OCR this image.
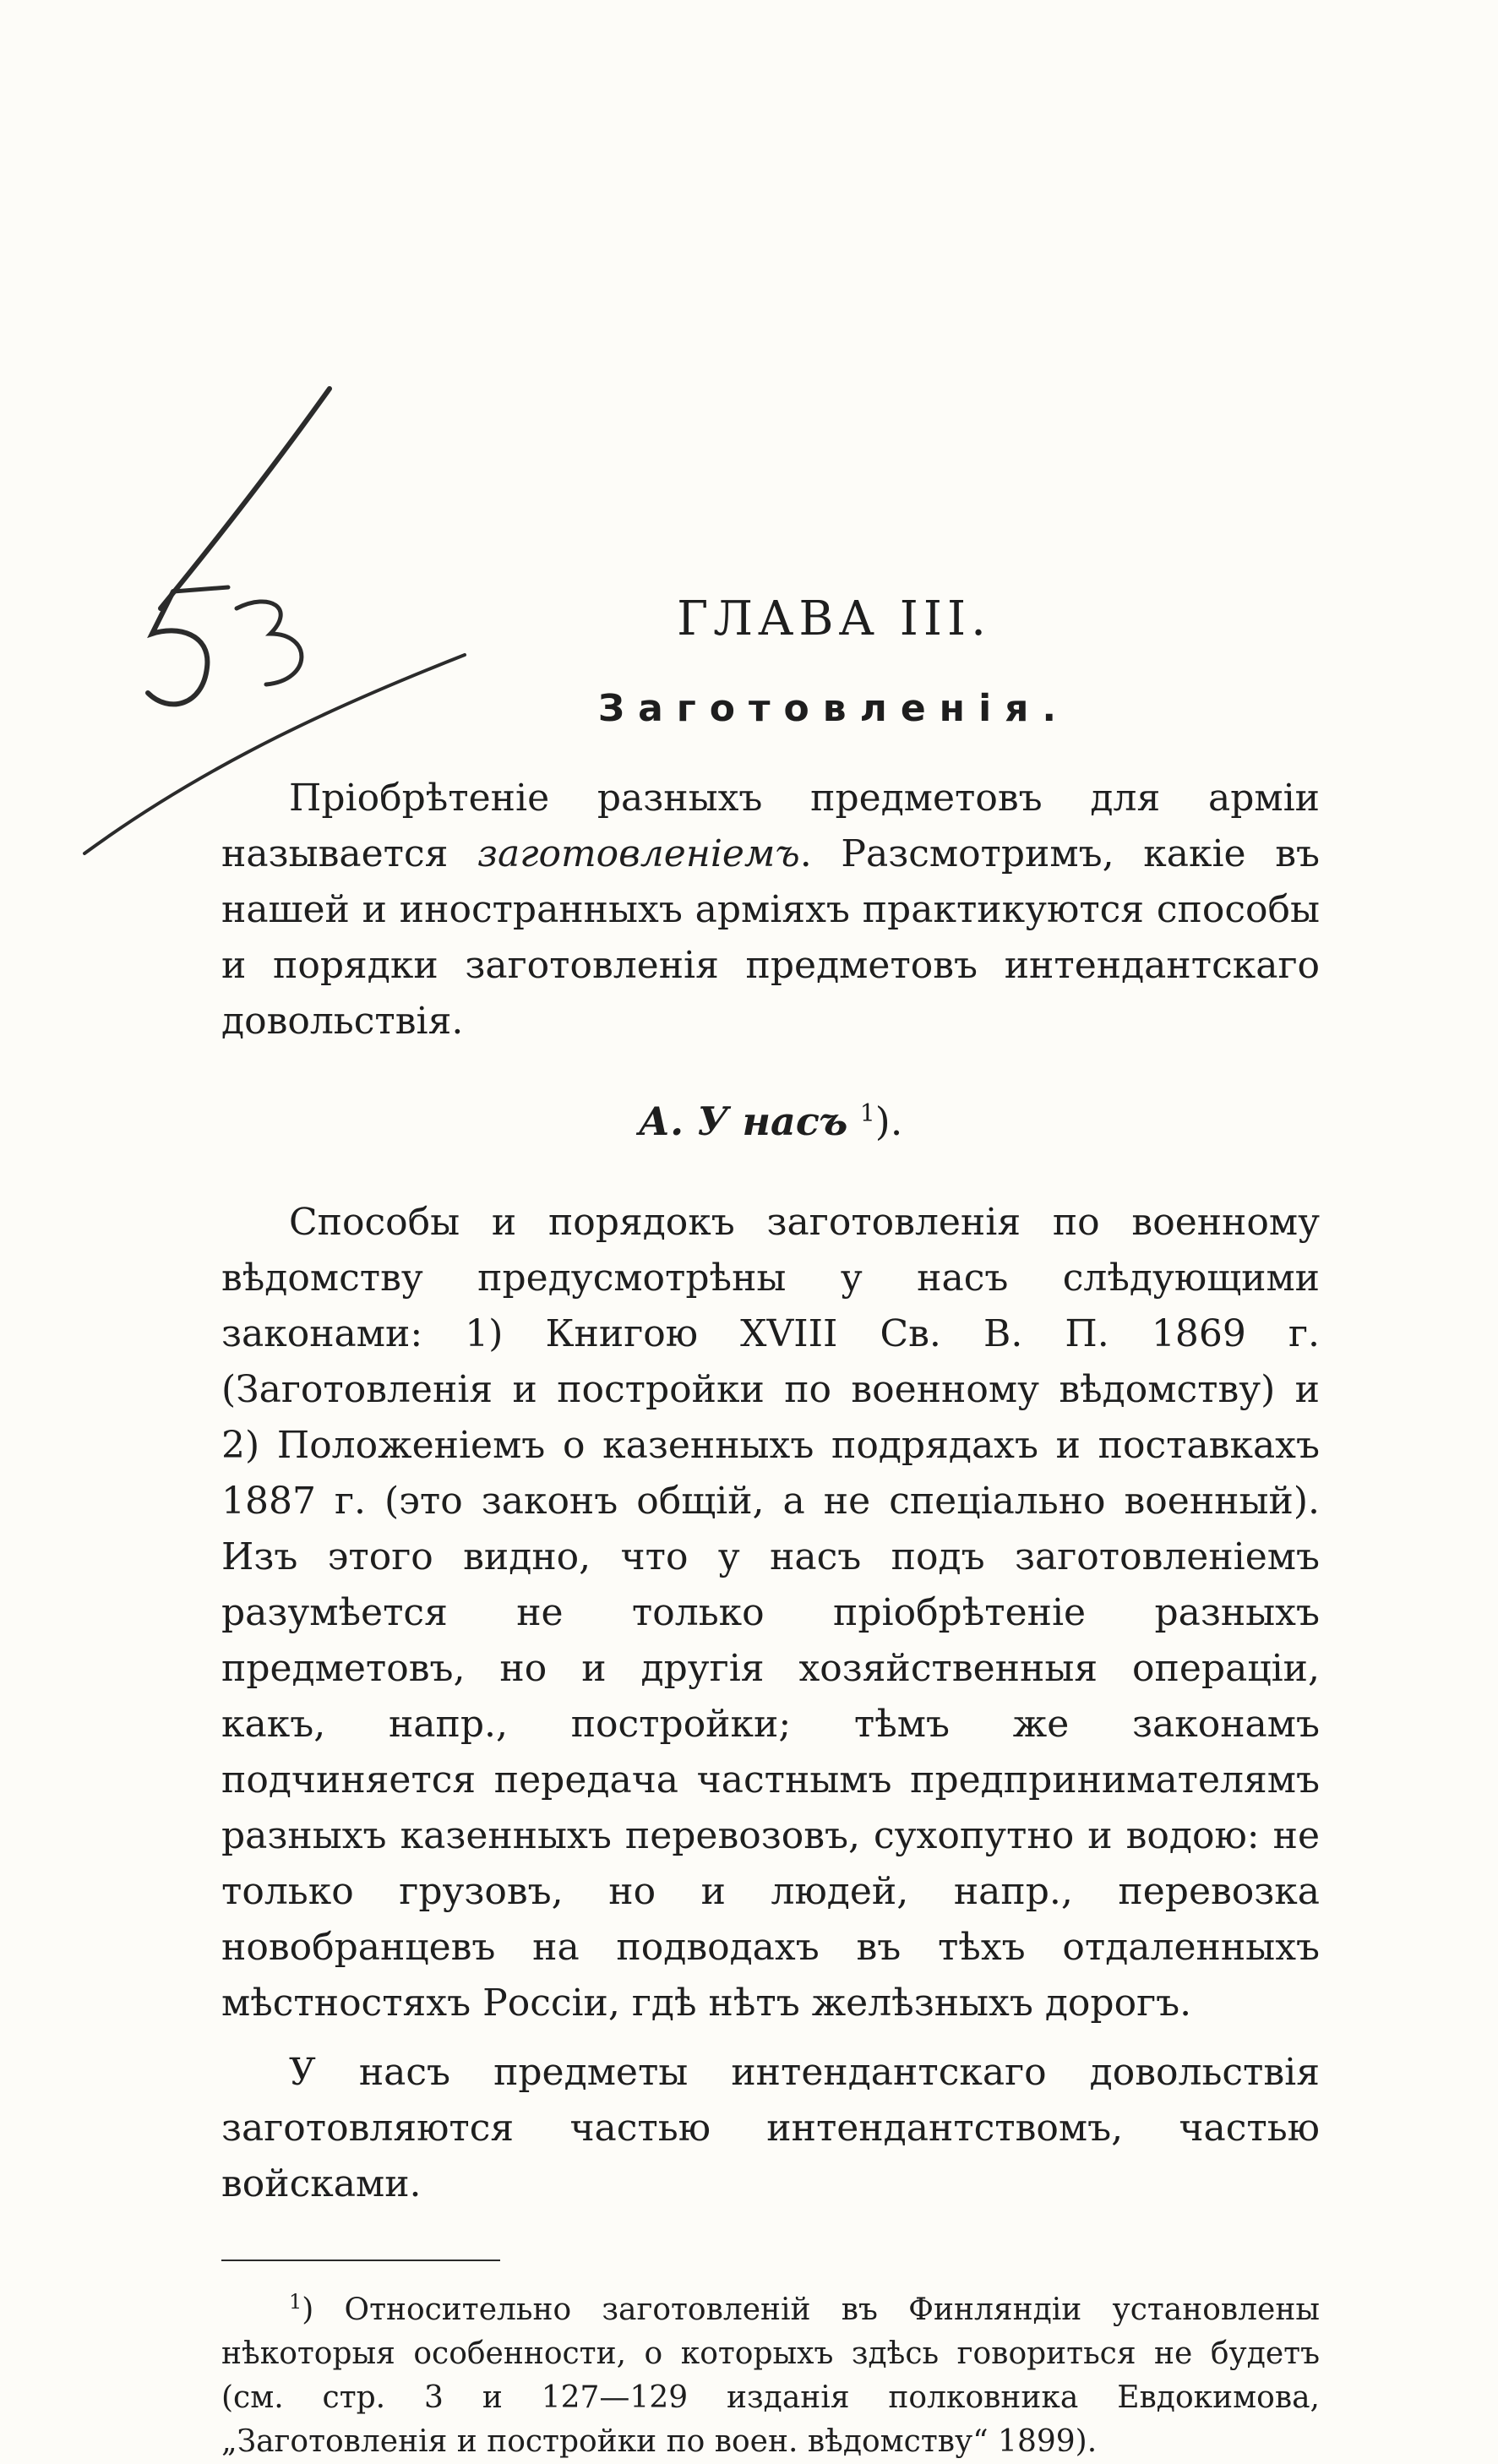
ГЛАВА III.
Заготовленія.

Пріобрѣтеніе разныхъ предметовъ для арміи называется заготовленіемъ. Разсмотримъ, какіе въ нашей и иностранныхъ арміяхъ практикуются способы и порядки заготовленія предметовъ интендантскаго довольствія.

А. У насъ $^1$).

Способы и порядокъ заготовленія по военному вѣдомству предусмотрѣны у насъ слѣдующими законами: 1) Книгою XVIII Св. В. П. 1869 г. (Заготовленія и постройки по военному вѣдомству) и 2) Положеніемъ о казенныхъ подрядахъ и поставкахъ 1887 г. (это законъ общій, а не спеціально военный). Изъ этого видно, что у насъ подъ заготовленіемъ разумѣется не только пріобрѣтеніе разныхъ предметовъ, но и другія хозяйственныя операціи, какъ, напр., постройки; тѣмъ же законамъ подчиняется передача частнымъ предпринимателямъ разныхъ казенныхъ перевозовъ, сухопутно и водою: не только грузовъ, но и людей, напр., перевозка новобранцевъ на подводахъ въ тѣхъ отдаленныхъ мѣстностяхъ Россіи, гдѣ нѣтъ желѣзныхъ дорогъ.

У насъ предметы интендантскаго довольствія заготовляются частью интендантствомъ, частью войсками.

$^1$) Относительно заготовленій въ Финляндіи установлены нѣкоторыя особенности, о которыхъ здѣсь говориться не будетъ (см. стр. 3 и 127—129 изданія полковника Евдокимова, „Заготовленія и постройки по воен. вѣдомству“ 1899).
